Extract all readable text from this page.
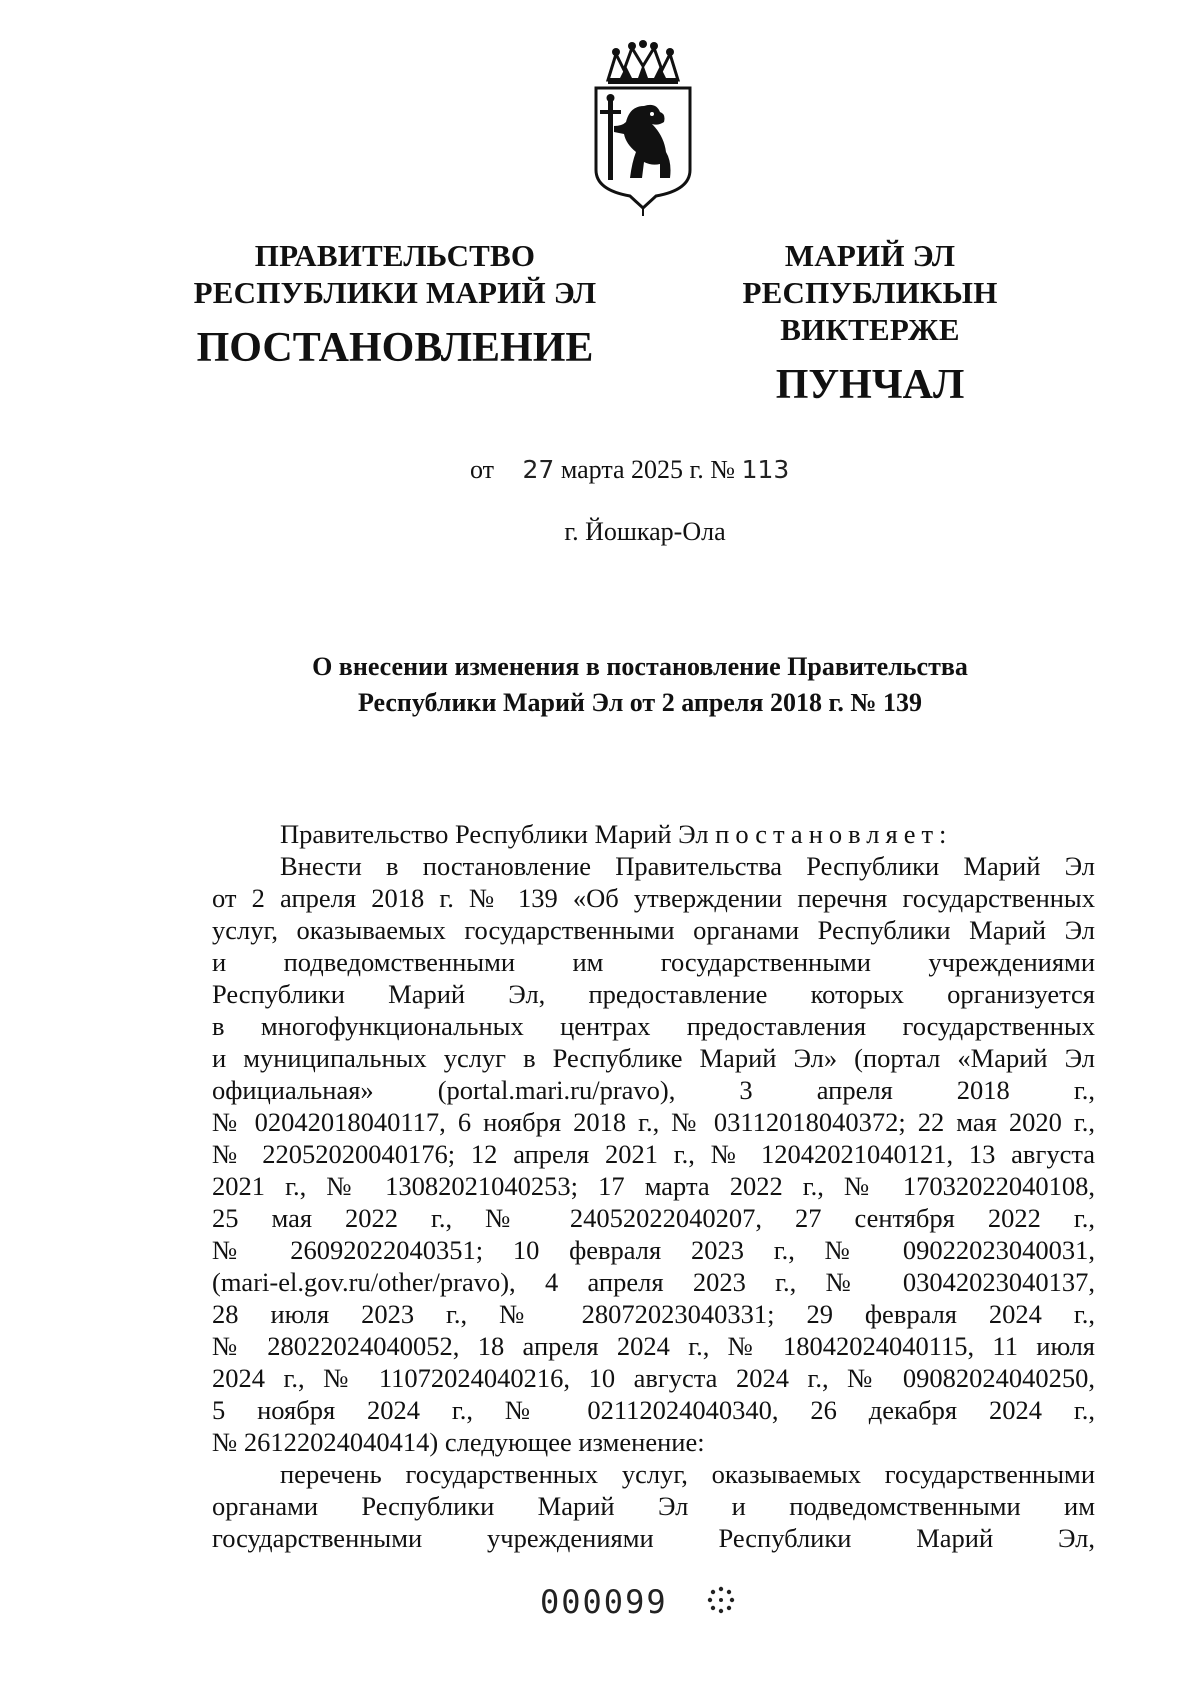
ПРАВИТЕЛЬСТВО
РЕСПУБЛИКИ МАРИЙ ЭЛ
ПОСТАНОВЛЕНИЕ
МАРИЙ ЭЛ РЕСПУБЛИКЫН
ВИКТЕРЖЕ
ПУНЧАЛ
от 27 марта 2025 г. № 113
г. Йошкар-Ола
О внесении изменения в постановление Правительства
Республики Марий Эл от 2 апреля 2018 г. № 139
Правительство Республики Марий Эл постановляет:
Внести в постановление Правительства Республики Марий Эл
от 2 апреля 2018 г. № 139 «Об утверждении перечня государственных
услуг, оказываемых государственными органами Республики Марий Эл
и подведомственными им государственными учреждениями
Республики Марий Эл, предоставление которых организуется
в многофункциональных центрах предоставления государственных
и муниципальных услуг в Республике Марий Эл» (портал «Марий Эл
официальная» (portal.mari.ru/pravo), 3 апреля 2018 г.,
№ 02042018040117, 6 ноября 2018 г., № 03112018040372; 22 мая 2020 г.,
№ 22052020040176; 12 апреля 2021 г., № 12042021040121, 13 августа
2021 г., № 13082021040253; 17 марта 2022 г., № 17032022040108,
25 мая 2022 г., № 24052022040207, 27 сентября 2022 г.,
№ 26092022040351; 10 февраля 2023 г., № 09022023040031,
(mari-el.gov.ru/other/pravo), 4 апреля 2023 г., № 03042023040137,
28 июля 2023 г., № 28072023040331; 29 февраля 2024 г.,
№ 28022024040052, 18 апреля 2024 г., № 18042024040115, 11 июля
2024 г., № 11072024040216, 10 августа 2024 г., № 09082024040250,
5 ноября 2024 г., № 02112024040340, 26 декабря 2024 г.,
№ 26122024040414) следующее изменение:
перечень государственных услуг, оказываемых государственными
органами Республики Марий Эл и подведомственными им
государственными учреждениями Республики Марий Эл,
000099
